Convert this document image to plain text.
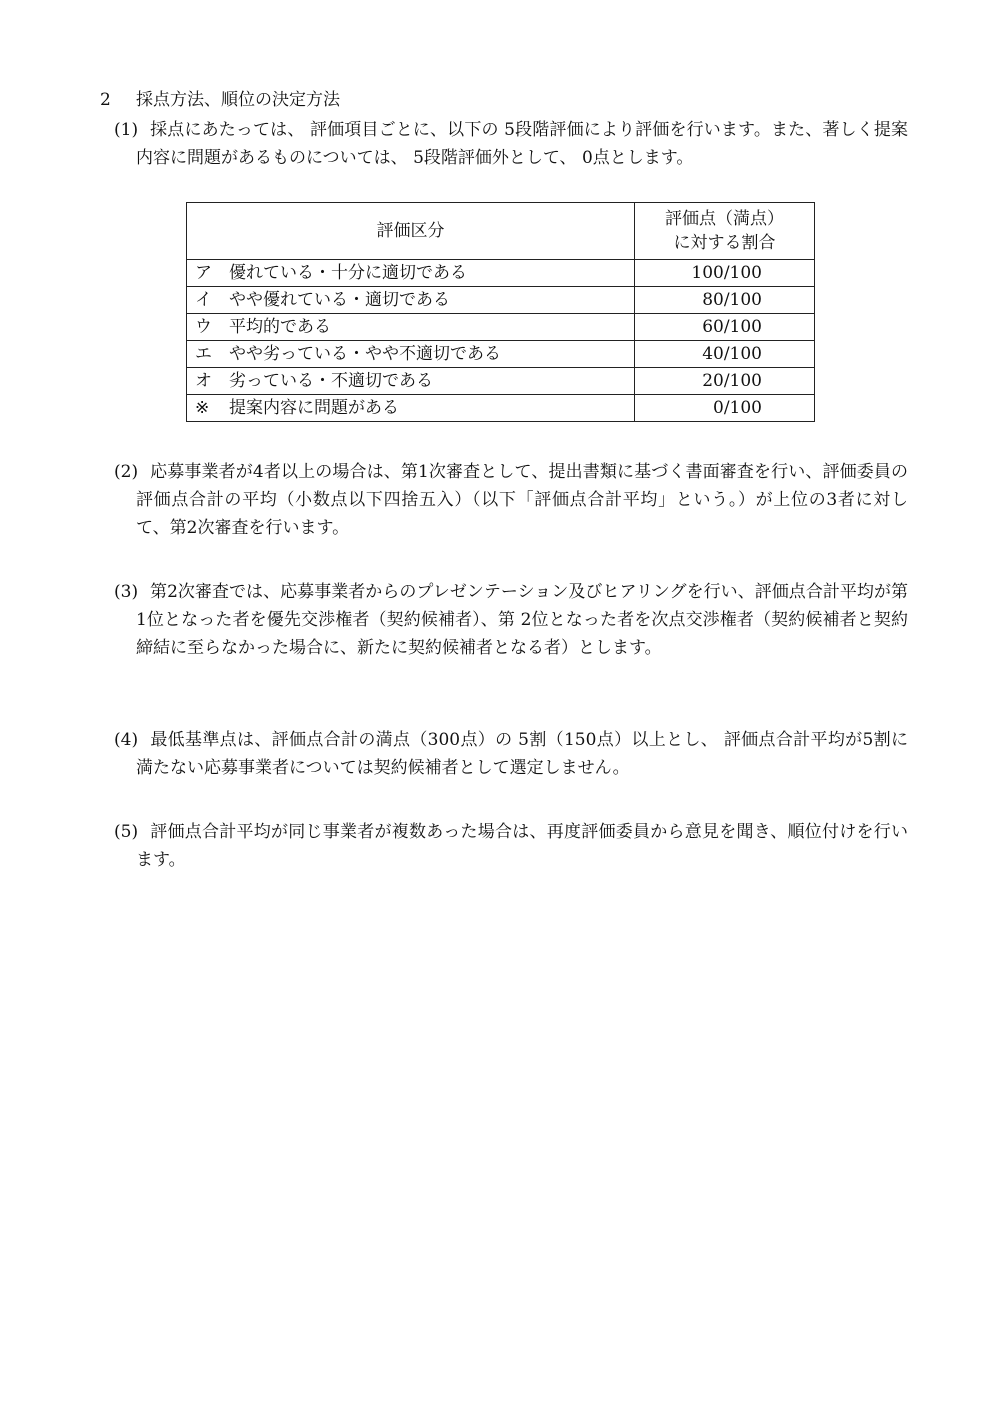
2 採点方法、順位の決定方法

(1) 採点にあたっては、 評価項目ごとに、以下の 5段階評価により評価を行います。また、著しく提案内容に問題があるものについては、 5段階評価外として、 0点とします。

評価区分	評価点（満点）
に対する割合
ア 優れている・十分に適切である	100/100
イ やや優れている・適切である	80/100
ウ 平均的である	60/100
エ やや劣っている・やや不適切である	40/100
オ 劣っている・不適切である	20/100
※ 提案内容に問題がある	0/100

(2) 応募事業者が4者以上の場合は、第1次審査として、提出書類に基づく書面審査を行い、評価委員の評価点合計の平均（小数点以下四捨五入）（以下「評価点合計平均」という。）が上位の3者に対して、第2次審査を行います。

(3) 第2次審査では、応募事業者からのプレゼンテーション及びヒアリングを行い、評価点合計平均が第 1位となった者を優先交渉権者（契約候補者）、第 2位となった者を次点交渉権者（契約候補者と契約締結に至らなかった場合に、新たに契約候補者となる者）とします。

(4) 最低基準点は、評価点合計の満点（300点）の 5割（150点）以上とし、 評価点合計平均が5割に満たない応募事業者については契約候補者として選定しません。

(5) 評価点合計平均が同じ事業者が複数あった場合は、再度評価委員から意見を聞き、順位付けを行います。
